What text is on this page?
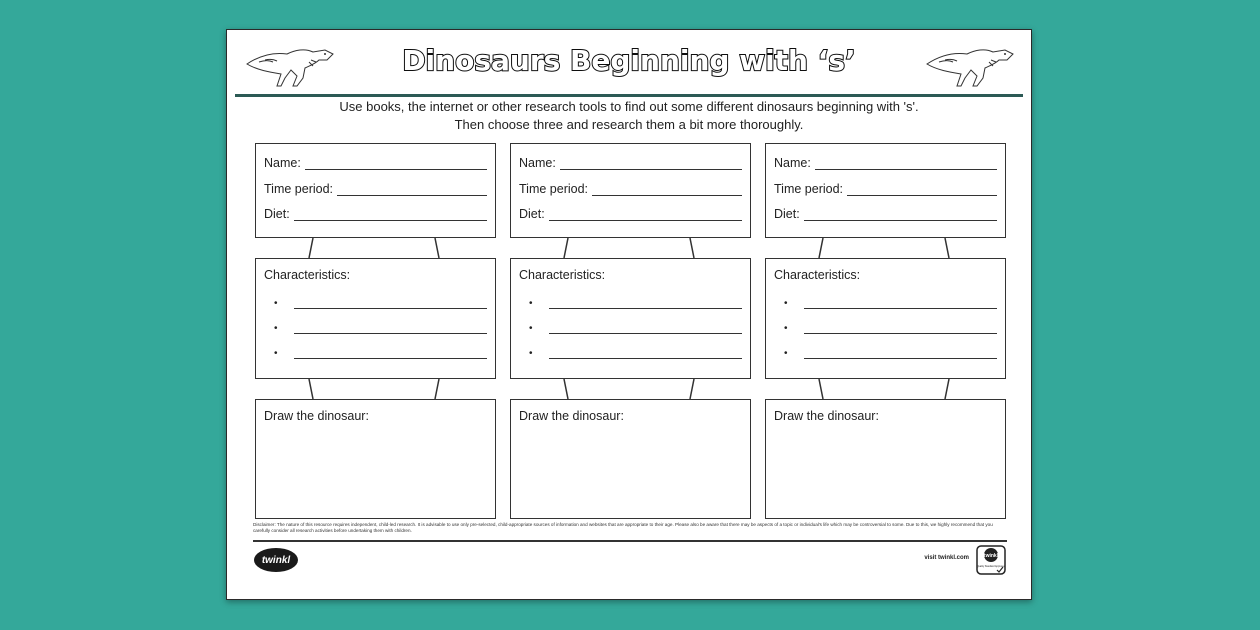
Dinosaurs Beginning with ‘s’
Use books, the internet or other research tools to find out some different dinosaurs beginning with 's'.
Then choose three and research them a bit more thoroughly.
Name:
Time period:
Diet:
Characteristics:
•
•
•
Draw the dinosaur:
Name:
Time period:
Diet:
Characteristics:
•
•
•
Draw the dinosaur:
Name:
Time period:
Diet:
Characteristics:
•
•
•
Draw the dinosaur:
Disclaimer: The nature of this resource requires independent, child-led research. It is advisable to use only pre-selected, child-appropriate sources of information and websites that are appropriate to their age. Please also be aware that there may be aspects of a topic or individual's life which may be controversial to some. Due to this, we highly recommend that you carefully consider all research activities before undertaking them with children.
twinkl	visit twinkl.com	twinkl
Quality Standard Approved
